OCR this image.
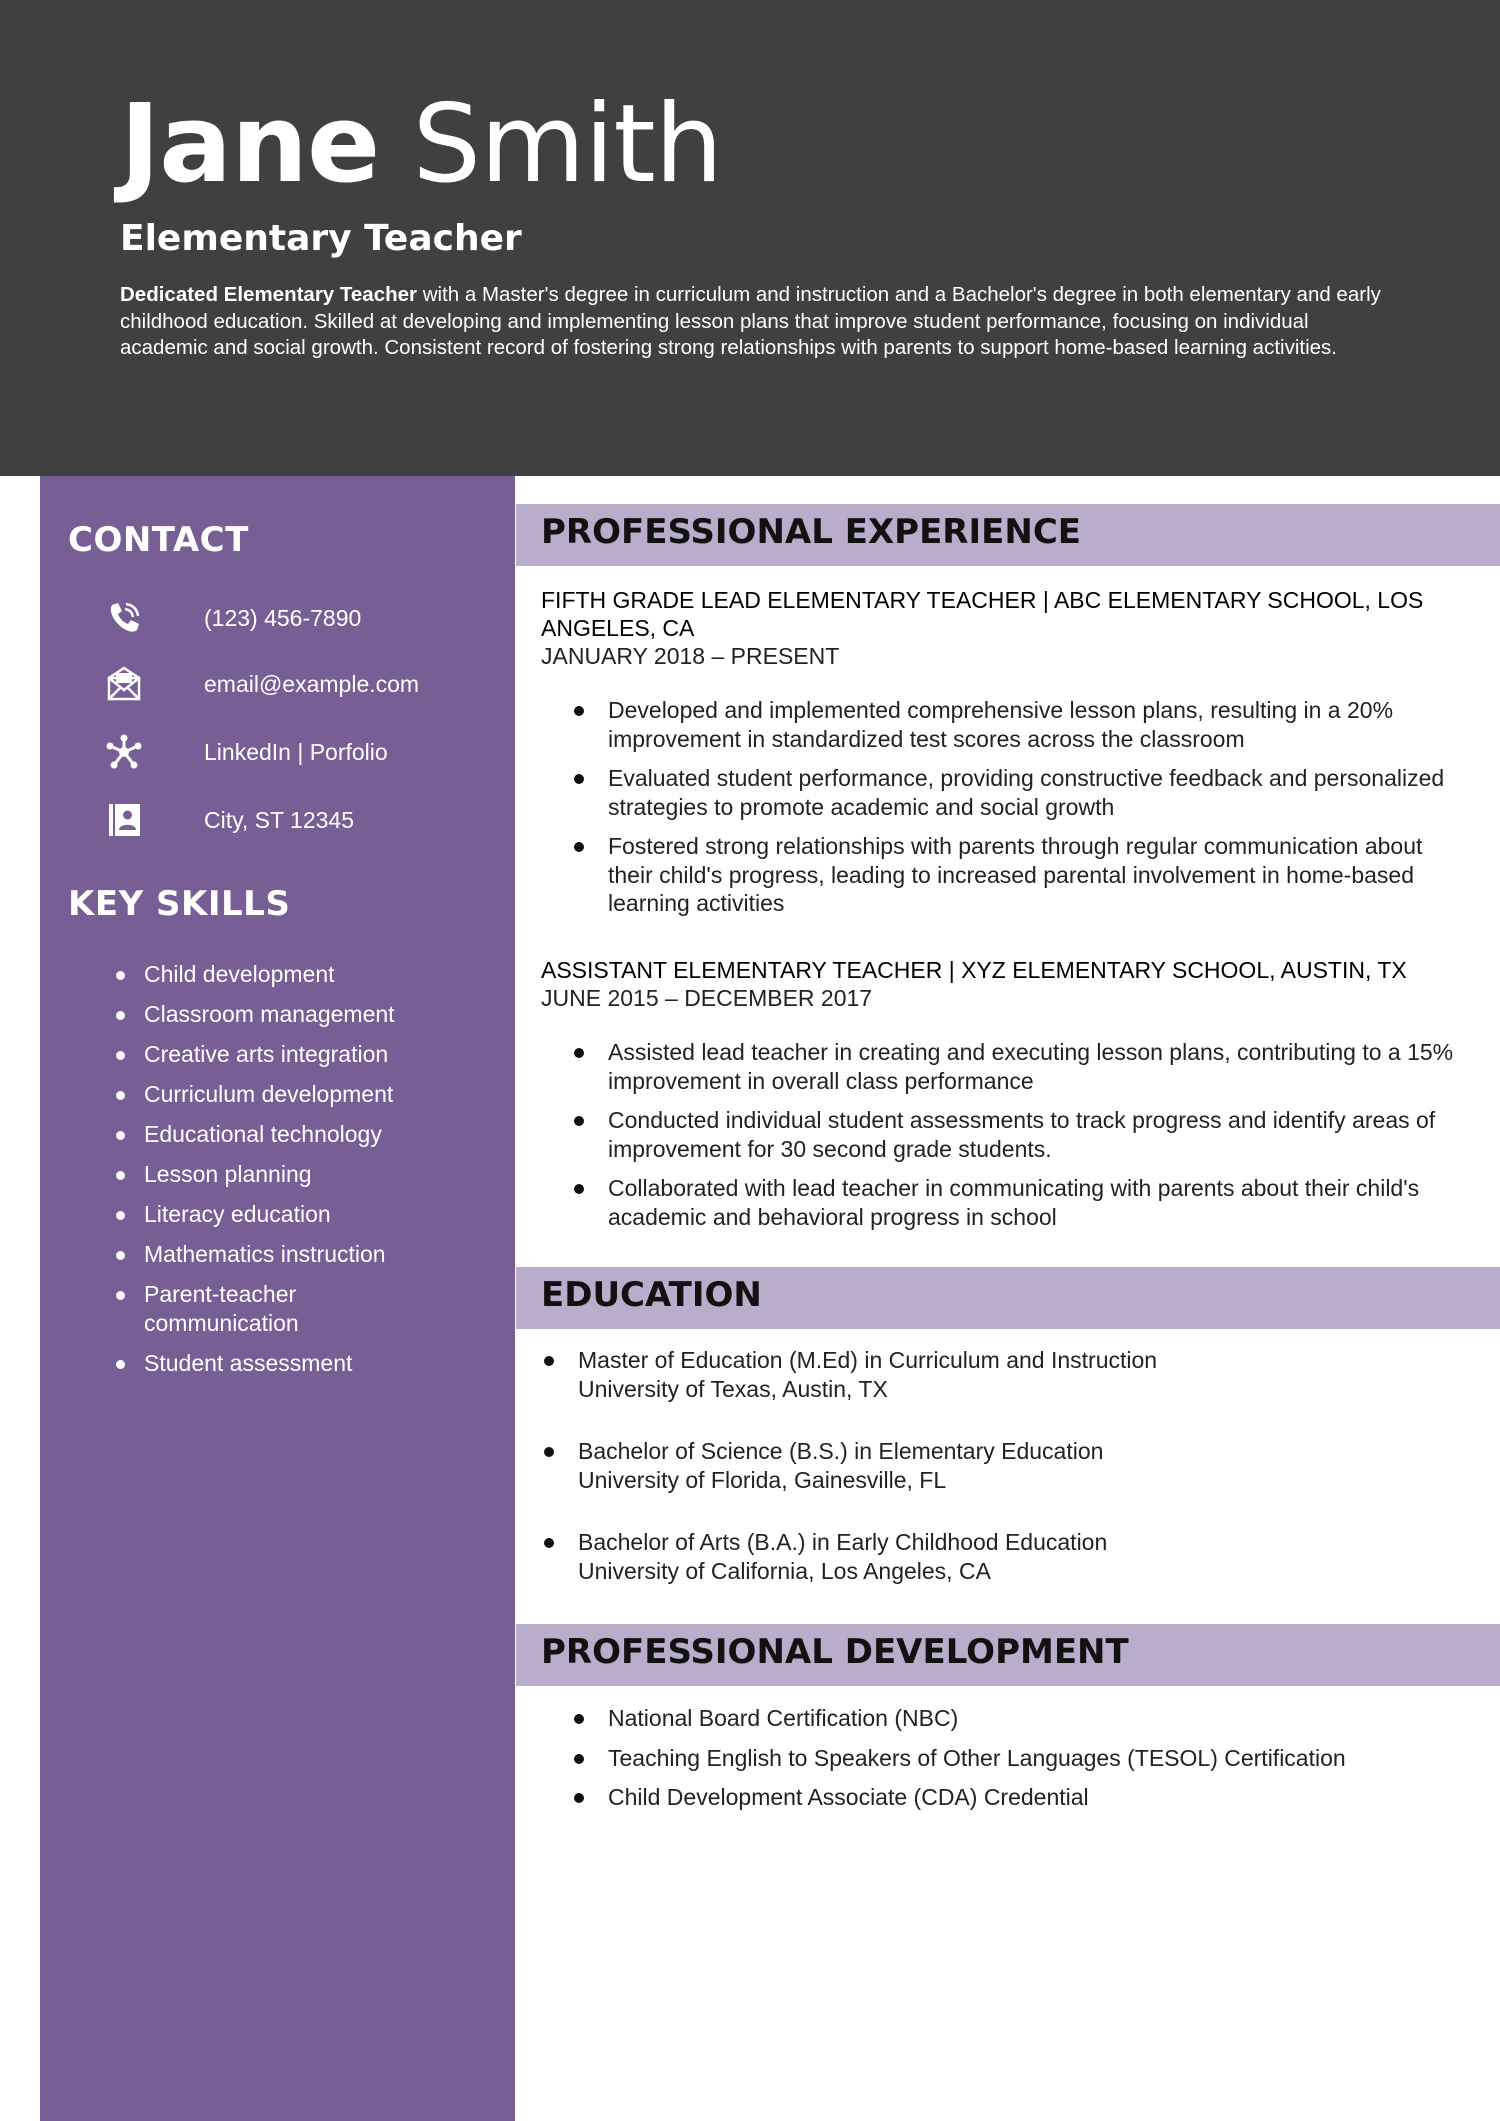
Jane Smith
Elementary Teacher
Dedicated Elementary Teacher with a Master's degree in curriculum and instruction and a Bachelor's degree in both elementary and early childhood education. Skilled at developing and implementing lesson plans that improve student performance, focusing on individual academic and social growth. Consistent record of fostering strong relationships with parents to support home-based learning activities.
CONTACT
(123) 456-7890
email@example.com
LinkedIn | Porfolio
City, ST 12345
KEY SKILLS
Child development
Classroom management
Creative arts integration
Curriculum development
Educational technology
Lesson planning
Literacy education
Mathematics instruction
Parent-teacher communication
Student assessment
PROFESSIONAL EXPERIENCE
FIFTH GRADE LEAD ELEMENTARY TEACHER | ABC ELEMENTARY SCHOOL, LOS ANGELES, CA
JANUARY 2018 – PRESENT
Developed and implemented comprehensive lesson plans, resulting in a 20% improvement in standardized test scores across the classroom
Evaluated student performance, providing constructive feedback and personalized strategies to promote academic and social growth
Fostered strong relationships with parents through regular communication about their child's progress, leading to increased parental involvement in home-based learning activities
ASSISTANT ELEMENTARY TEACHER | XYZ ELEMENTARY SCHOOL, AUSTIN, TX
JUNE 2015 – DECEMBER 2017
Assisted lead teacher in creating and executing lesson plans, contributing to a 15% improvement in overall class performance
Conducted individual student assessments to track progress and identify areas of improvement for 30 second grade students.
Collaborated with lead teacher in communicating with parents about their child's academic and behavioral progress in school
EDUCATION
Master of Education (M.Ed) in Curriculum and Instruction
University of Texas, Austin, TX
Bachelor of Science (B.S.) in Elementary Education
University of Florida, Gainesville, FL
Bachelor of Arts (B.A.) in Early Childhood Education
University of California, Los Angeles, CA
PROFESSIONAL DEVELOPMENT
National Board Certification (NBC)
Teaching English to Speakers of Other Languages (TESOL) Certification
Child Development Associate (CDA) Credential
